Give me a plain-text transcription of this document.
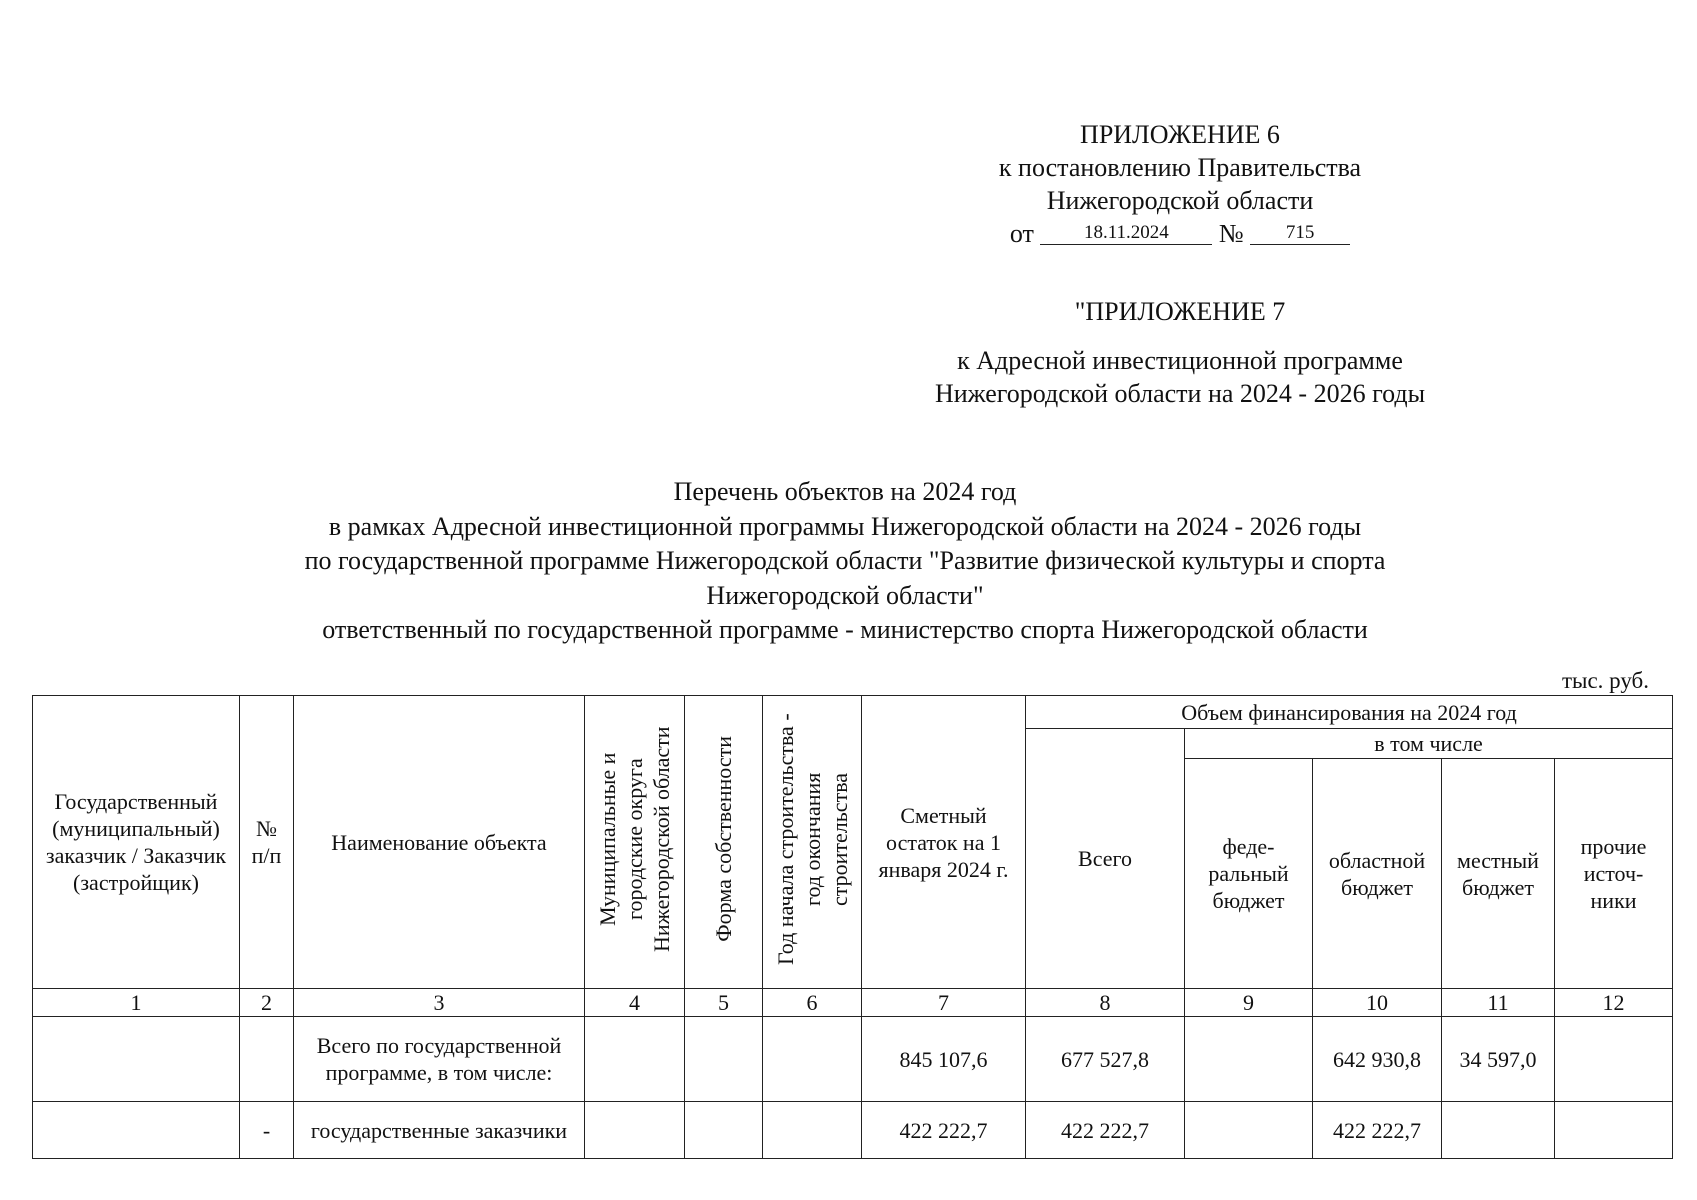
ПРИЛОЖЕНИЕ 6
к постановлению Правительства
Нижегородской области
от	18.11.2024 № 715
"ПРИЛОЖЕНИЕ 7
к Адресной инвестиционной программе
Нижегородской области на 2024 - 2026 годы
Перечень объектов на 2024 год
в рамках Адресной инвестиционной программы Нижегородской области на 2024 - 2026 годы
по государственной программе Нижегородской области "Развитие физической культуры и спорта
Нижегородской области"
ответственный по государственной программе - министерство спорта Нижегородской области
тыс. руб.
Государственный (муниципальный) заказчик / Заказчик (застройщик)	№ п/п	Наименование объекта	Муниципальные и городские округа Нижегородской области	Форма собственности	Год начала строительства - год окончания строительства	Сметный остаток на 1 января 2024 г.	Объем финансирования на 2024 год				
							Всего	в том числе			
								феде-ральный бюджет	областной бюджет	местный бюджет	прочие источ-ники
1	2	3	4	5	6	7	8	9	10	11	12
		Всего по государственной программе, в том числе:				845 107,6	677 527,8		642 930,8	34 597,0	
	-	государственные заказчики				422 222,7	422 222,7		422 222,7		
